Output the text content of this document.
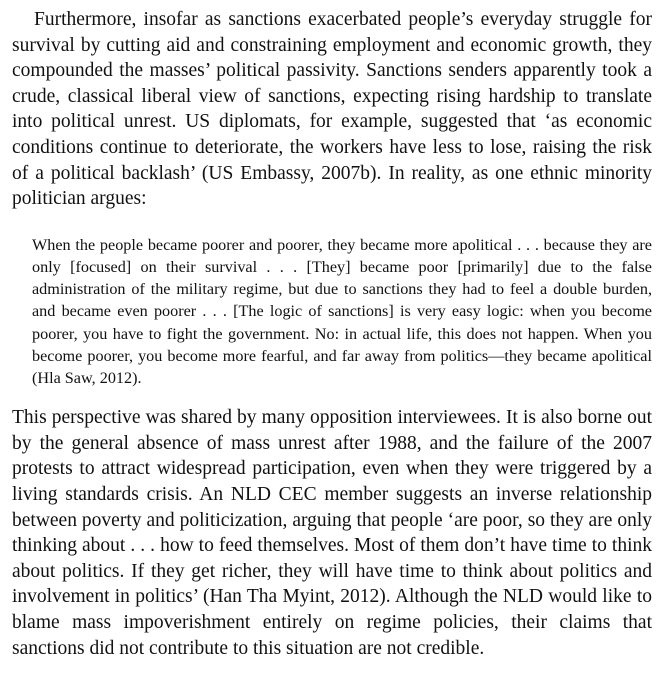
Furthermore, insofar as sanctions exacerbated people’s everyday struggle for survival by cutting aid and constraining employment and economic growth, they compounded the masses’ political passivity. Sanctions senders apparently took a crude, classical liberal view of sanctions, expecting rising hardship to translate into political unrest. US diplomats, for example, suggested that ‘as economic conditions continue to deteriorate, the workers have less to lose, raising the risk of a political backlash’ (US Embassy, 2007b). In reality, as one ethnic minority politician argues:

When the people became poorer and poorer, they became more apolitical . . . because they are only [focused] on their survival . . . [They] became poor [primarily] due to the false administration of the military regime, but due to sanctions they had to feel a double burden, and became even poorer . . . [The logic of sanctions] is very easy logic: when you become poorer, you have to fight the government. No: in actual life, this does not happen. When you become poorer, you become more fearful, and far away from politics—they became apolitical (Hla Saw, 2012).

This perspective was shared by many opposition interviewees. It is also borne out by the general absence of mass unrest after 1988, and the failure of the 2007 protests to attract widespread participation, even when they were triggered by a living standards crisis. An NLD CEC member suggests an inverse relationship between poverty and politicization, arguing that people ‘are poor, so they are only thinking about . . . how to feed themselves. Most of them don’t have time to think about politics. If they get richer, they will have time to think about politics and involvement in politics’ (Han Tha Myint, 2012). Although the NLD would like to blame mass impoverishment entirely on regime policies, their claims that sanctions did not contribute to this situation are not credible.
